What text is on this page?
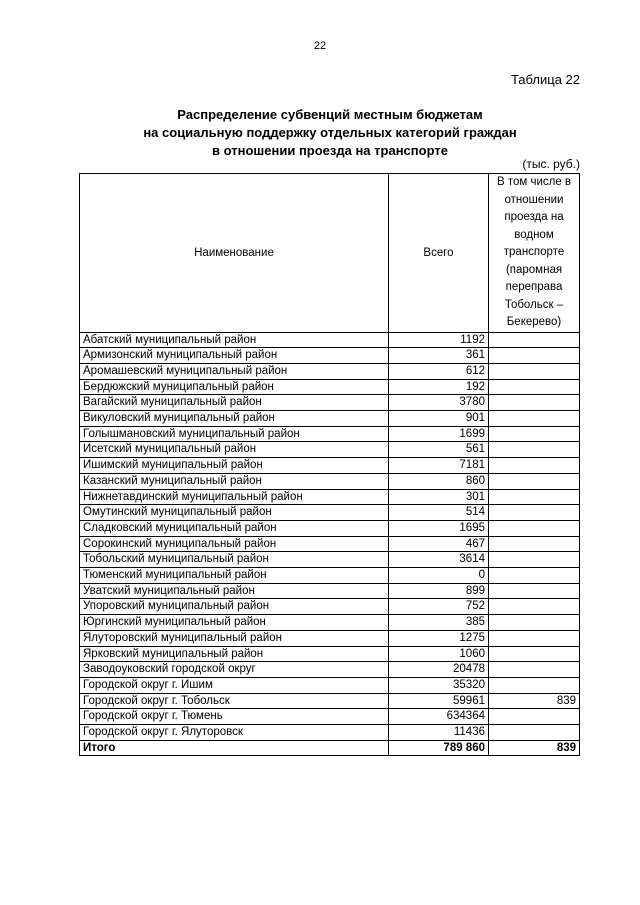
22
Таблица 22
Распределение субвенций местным бюджетам
на социальную поддержку отдельных категорий граждан
в отношении проезда на транспорте
(тыс. руб.)
Наименование	Всего	В том числе в отношении проезда на водном транспорте (паромная переправа Тобольск – Бекерево)
Абатский муниципальный район	1192	
Армизонский муниципальный район	361	
Аромашевский муниципальный район	612	
Бердюжский муниципальный район	192	
Вагайский муниципальный район	3780	
Викуловский муниципальный район	901	
Голышмановский муниципальный район	1699	
Исетский муниципальный район	561	
Ишимский муниципальный район	7181	
Казанский муниципальный район	860	
Нижнетавдинский муниципальный район	301	
Омутинский муниципальный район	514	
Сладковский муниципальный район	1695	
Сорокинский муниципальный район	467	
Тобольский муниципальный район	3614	
Тюменский муниципальный район	0	
Уватский муниципальный район	899	
Упоровский муниципальный район	752	
Юргинский муниципальный район	385	
Ялуторовский муниципальный район	1275	
Ярковский муниципальный район	1060	
Заводоуковский городской округ	20478	
Городской округ г. Ишим	35320	
Городской округ г. Тобольск	59961	839
Городской округ г. Тюмень	634364	
Городской округ г. Ялуторовск	11436	
Итого	789 860	839
